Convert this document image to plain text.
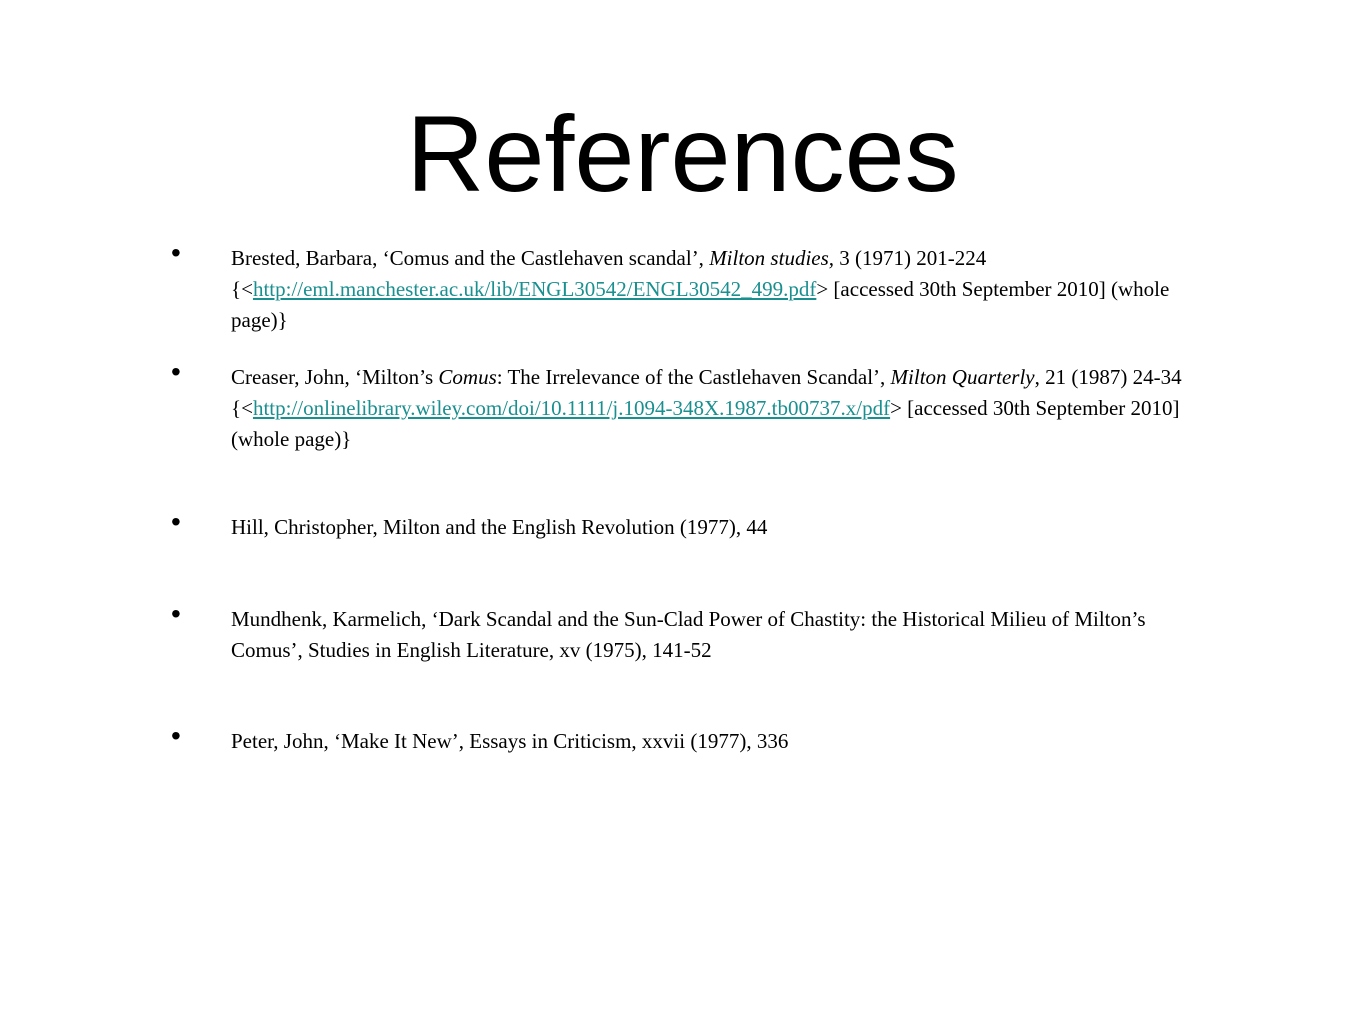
References
• Brested, Barbara, ‘Comus and the Castlehaven scandal’, Milton studies, 3 (1971) 201-224 {<http://eml.manchester.ac.uk/lib/ENGL30542/ENGL30542_499.pdf> [accessed 30th September 2010] (whole page)}
• Creaser, John, ‘Milton’s Comus: The Irrelevance of the Castlehaven Scandal’, Milton Quarterly, 21 (1987) 24-34 {<http://onlinelibrary.wiley.com/doi/10.1111/j.1094-348X.1987.tb00737.x/pdf> [accessed 30th September 2010] (whole page)}
• Hill, Christopher, Milton and the English Revolution (1977), 44
• Mundhenk, Karmelich, ‘Dark Scandal and the Sun-Clad Power of Chastity: the Historical Milieu of Milton’s Comus’, Studies in English Literature, xv (1975), 141-52
• Peter, John, ‘Make It New’, Essays in Criticism, xxvii (1977), 336
